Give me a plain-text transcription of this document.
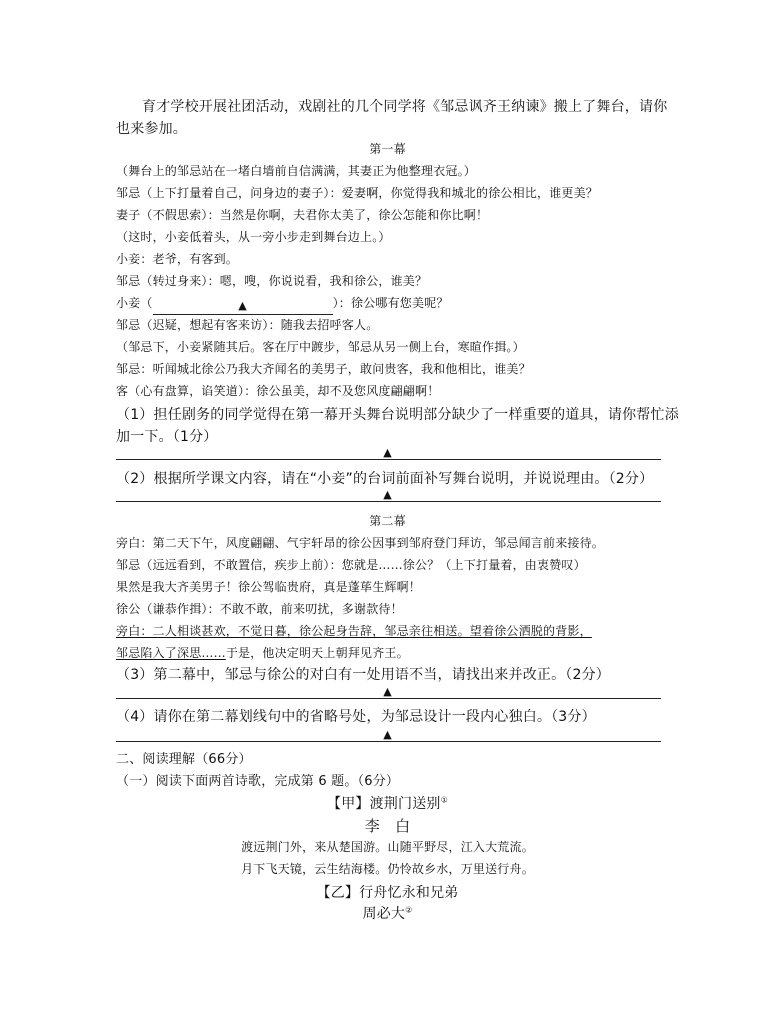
育才学校开展社团活动，戏剧社的几个同学将《邹忌讽齐王纳谏》搬上了舞台，请你
也来参加。
第一幕
（舞台上的邹忌站在一堵白墙前自信满满，其妻正为他整理衣冠。）
邹忌（上下打量着自己，问身边的妻子）：爱妻啊，你觉得我和城北的徐公相比，谁更美？
妻子（不假思索）：当然是你啊，夫君你太美了，徐公怎能和你比啊！
（这时，小妾低着头，从一旁小步走到舞台边上。）
小妾：老爷，有客到。
邹忌（转过身来）：嗯，嗖，你说说看，我和徐公，谁美？
小妾（	▲	）：徐公哪有您美呢？
邹忌（迟疑，想起有客来访）：随我去招呼客人。
（邹忌下，小妾紧随其后。客在厅中踱步，邹忌从另一侧上台，寒暄作揖。）
邹忌：听闻城北徐公乃我大齐闻名的美男子，敢问贵客，我和他相比，谁美？
客（心有盘算，谄笑道）：徐公虽美，却不及您风度翩翩啊！
（1）担任剧务的同学觉得在第一幕开头舞台说明部分缺少了一样重要的道具，请你帮忙添
加一下。（1分）
▲
（2）根据所学课文内容，请在“小妾”的台词前面补写舞台说明，并说说理由。（2分）
▲
第二幕
旁白：第二天下午，风度翩翩、气宇轩昂的徐公因事到邹府登门拜访，邹忌闻言前来接待。
邹忌（远远看到，不敢置信，疾步上前）：您就是……徐公？（上下打量着，由衷赞叹）
果然是我大齐美男子！徐公驾临贵府，真是蓬荜生辉啊！
徐公（谦恭作揖）：不敢不敢，前来叨扰，多谢款待！
旁白：二人相谈甚欢，不觉日暮，徐公起身告辞，邹忌亲往相送。望着徐公洒脱的背影，
邹忌陷入了深思……于是，他决定明天上朝拜见齐王。
（3）第二幕中，邹忌与徐公的对白有一处用语不当，请找出来并改正。（2分）
▲
（4）请你在第二幕划线句中的省略号处，为邹忌设计一段内心独白。（3分）
▲
二、阅读理解（66分）
（一）阅读下面两首诗歌，完成第 6 题。（6分）
【甲】渡荆门送别①
李　白
渡远荆门外，来从楚国游。山随平野尽，江入大荒流。
月下飞天镜，云生结海楼。仍怜故乡水，万里送行舟。
【乙】行舟忆永和兄弟
周必大②
